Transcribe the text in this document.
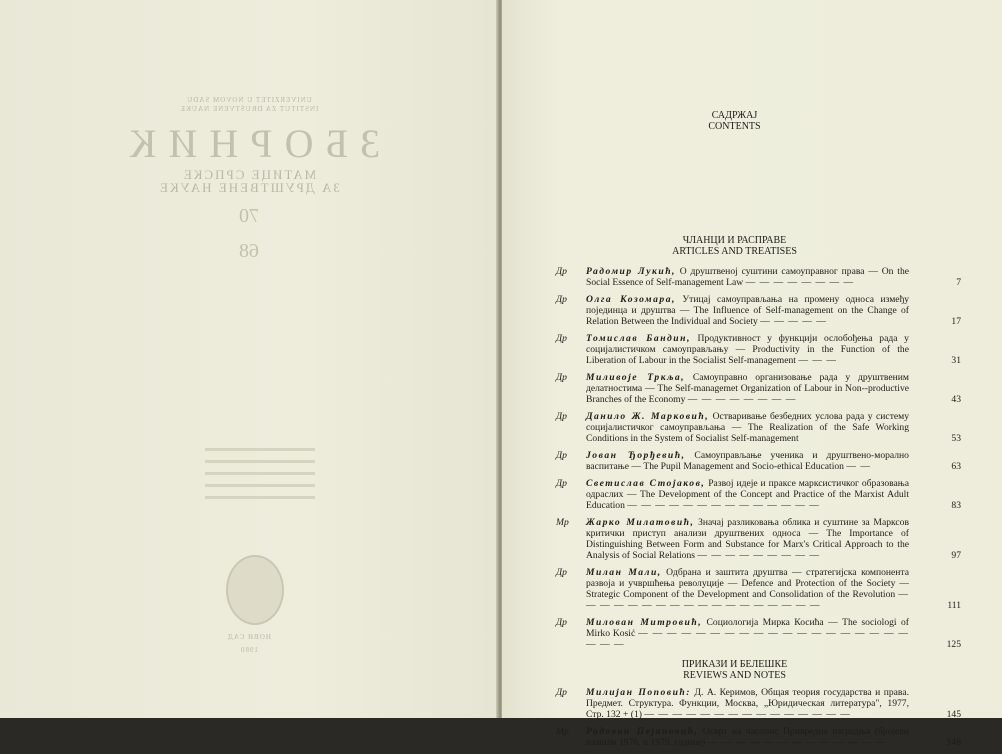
UNIVERZITET U NOVOM SADU
INSTITUT ZA DRUŠTVENE NAUKE
ЗБОРНИК
МАТИЦЕ СРПСКЕ
ЗА ДРУШТВЕНЕ НАУКЕ
70
68
НОВИ САД
1980
САДРЖАЈ
CONTENTS
ЧЛАНЦИ И РАСПРАВЕ
ARTICLES AND TREATISES
Др Радомир Лукић, О друштвеној суштини самоуправног права — On the Social Essence of Self-management Law — — — — — — — —	7
Др Олга Козомара, Утицај самоуправљања на промену односа између појединца и друштва — The Influence of Self-management on the Change of Relation Between the Individual and Society — — — — —	17
Др Томислав Бандин, Продуктивност у функцији ослобођења рада у социјалистичком самоуправљању — Productivity in the Function of the Liberation of Labour in the Socialist Self-management — — —	31
Др Миливоје Тркља, Самоуправно организовање рада у друштвеним делатностима — The Self-managemet Organization of Labour in Non--productive Branches of the Economy — — — — — — — —	43
Др Данило Ж. Марковић, Остваривање безбедних услова рада у систему социјалистичког самоуправљања — The Realization of the Safe Working Conditions in the System of Socialist Self-management	53
Др Јован Ђорђевић, Самоуправљање ученика и друштвено-морално васпитање — The Pupil Management and Socio-ethical Education — —	63
Др Светислав Стојаков, Развој идеје и праксе марксистичког образовања одраслих — The Development of the Concept and Practice of the Marxist Adult Education — — — — — — — — — — — — — —	83
Мр Жарко Милатовић, Значај разликовања облика и суштине за Марксов критички приступ анализи друштвених односа — The Importance of Distinguishing Between Form and Substance for Marx's Critical Approach to the Analysis of Social Relations — — — — — — — — —	97
Др Милан Мали, Одбрана и заштита друштва — стратегијска компонента развоја и учвршћења револуције — Defence and Protection of the Society — Strategic Component of the Development and Consolidation of the Revolution — — — — — — — — — — — — — — — — — —	111
Др Милован Митровић, Социологија Мирка Косића — The sociologi of Mirko Kosić — — — — — — — — — — — — — — — — — — — — — —	125
ПРИКАЗИ И БЕЛЕШКЕ
REVIEWS AND NOTES
Др Милијан Поповић: Д. А. Керимов, Общая теория государства и права. Предмет. Структура. Функции, Москва, „Юридическая литература", 1977, Стр. 132 + (1) — — — — — — — — — — — — — — —	145
Мр Радован Пејановић, Осврт на часопис Привредна изградња (бројеви изашли 1978. и 1979. године) — — — — — — — — — — — — —	148
